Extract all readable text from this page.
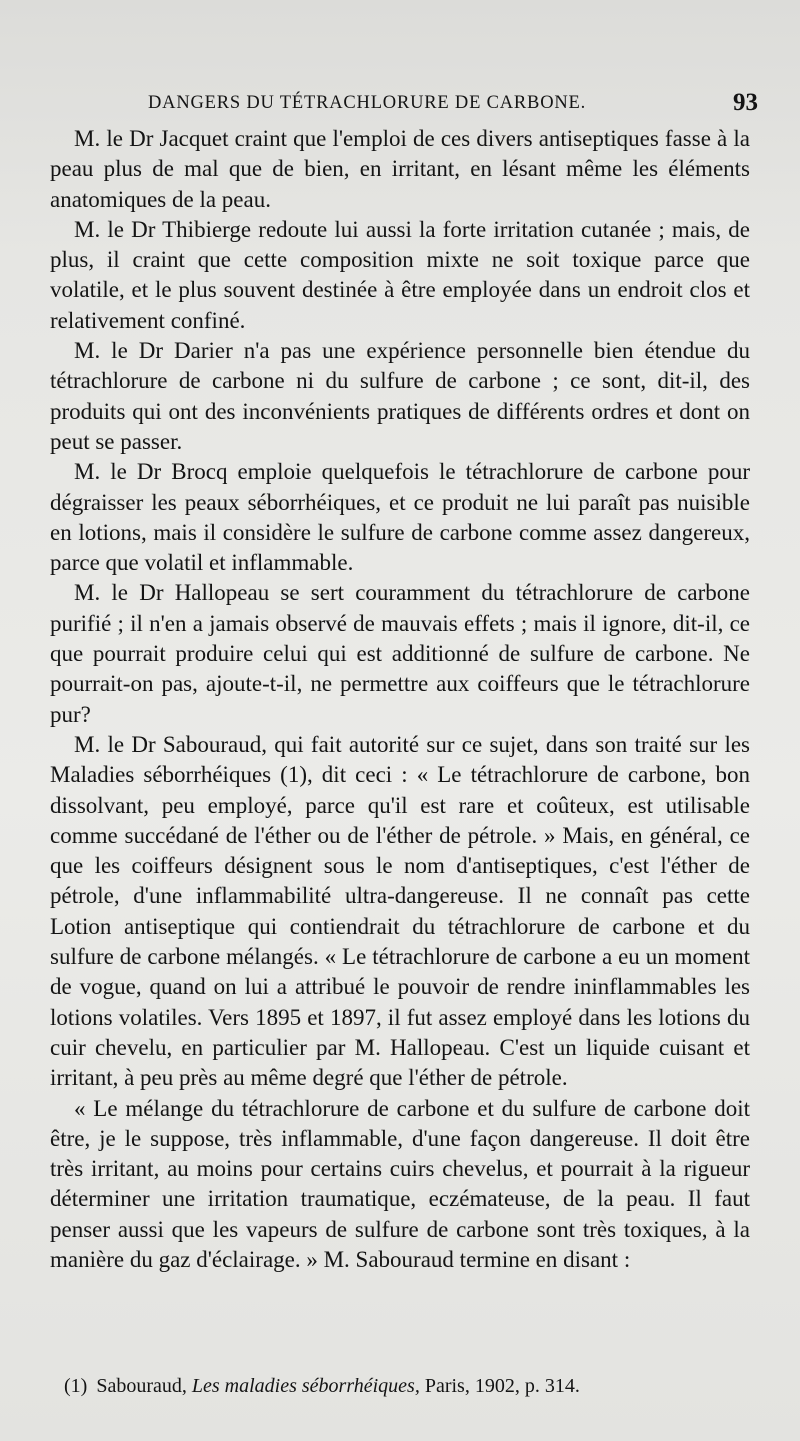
DANGERS DU TÉTRACHLORURE DE CARBONE.	93

M. le Dr Jacquet craint que l'emploi de ces divers antiseptiques fasse à la peau plus de mal que de bien, en irritant, en lésant même les éléments anatomiques de la peau.

M. le Dr Thibierge redoute lui aussi la forte irritation cutanée ; mais, de plus, il craint que cette composition mixte ne soit toxique parce que volatile, et le plus souvent destinée à être employée dans un endroit clos et relativement confiné.

M. le Dr Darier n'a pas une expérience personnelle bien étendue du tétrachlorure de carbone ni du sulfure de carbone ; ce sont, dit-il, des produits qui ont des inconvénients pratiques de différents ordres et dont on peut se passer.

M. le Dr Brocq emploie quelquefois le tétrachlorure de carbone pour dégraisser les peaux séborrhéiques, et ce produit ne lui paraît pas nuisible en lotions, mais il considère le sulfure de carbone comme assez dangereux, parce que volatil et inflammable.

M. le Dr Hallopeau se sert couramment du tétrachlorure de carbone purifié ; il n'en a jamais observé de mauvais effets ; mais il ignore, dit-il, ce que pourrait produire celui qui est additionné de sulfure de carbone. Ne pourrait-on pas, ajoute-t-il, ne permettre aux coiffeurs que le tétrachlorure pur?

M. le Dr Sabouraud, qui fait autorité sur ce sujet, dans son traité sur les Maladies séborrhéiques (1), dit ceci : « Le tétrachlorure de carbone, bon dissolvant, peu employé, parce qu'il est rare et coûteux, est utilisable comme succédané de l'éther ou de l'éther de pétrole. » Mais, en général, ce que les coiffeurs désignent sous le nom d'antiseptiques, c'est l'éther de pétrole, d'une inflammabilité ultra-dangereuse. Il ne connaît pas cette Lotion antiseptique qui contiendrait du tétrachlorure de carbone et du sulfure de carbone mélangés. « Le tétrachlorure de carbone a eu un moment de vogue, quand on lui a attribué le pouvoir de rendre ininflammables les lotions volatiles. Vers 1895 et 1897, il fut assez employé dans les lotions du cuir chevelu, en particulier par M. Hallopeau. C'est un liquide cuisant et irritant, à peu près au même degré que l'éther de pétrole.

« Le mélange du tétrachlorure de carbone et du sulfure de carbone doit être, je le suppose, très inflammable, d'une façon dangereuse. Il doit être très irritant, au moins pour certains cuirs chevelus, et pourrait à la rigueur déterminer une irritation traumatique, eczémateuse, de la peau. Il faut penser aussi que les vapeurs de sulfure de carbone sont très toxiques, à la manière du gaz d'éclairage. » M. Sabouraud termine en disant :

(1) Sabouraud, Les maladies séborrhéiques, Paris, 1902, p. 314.
